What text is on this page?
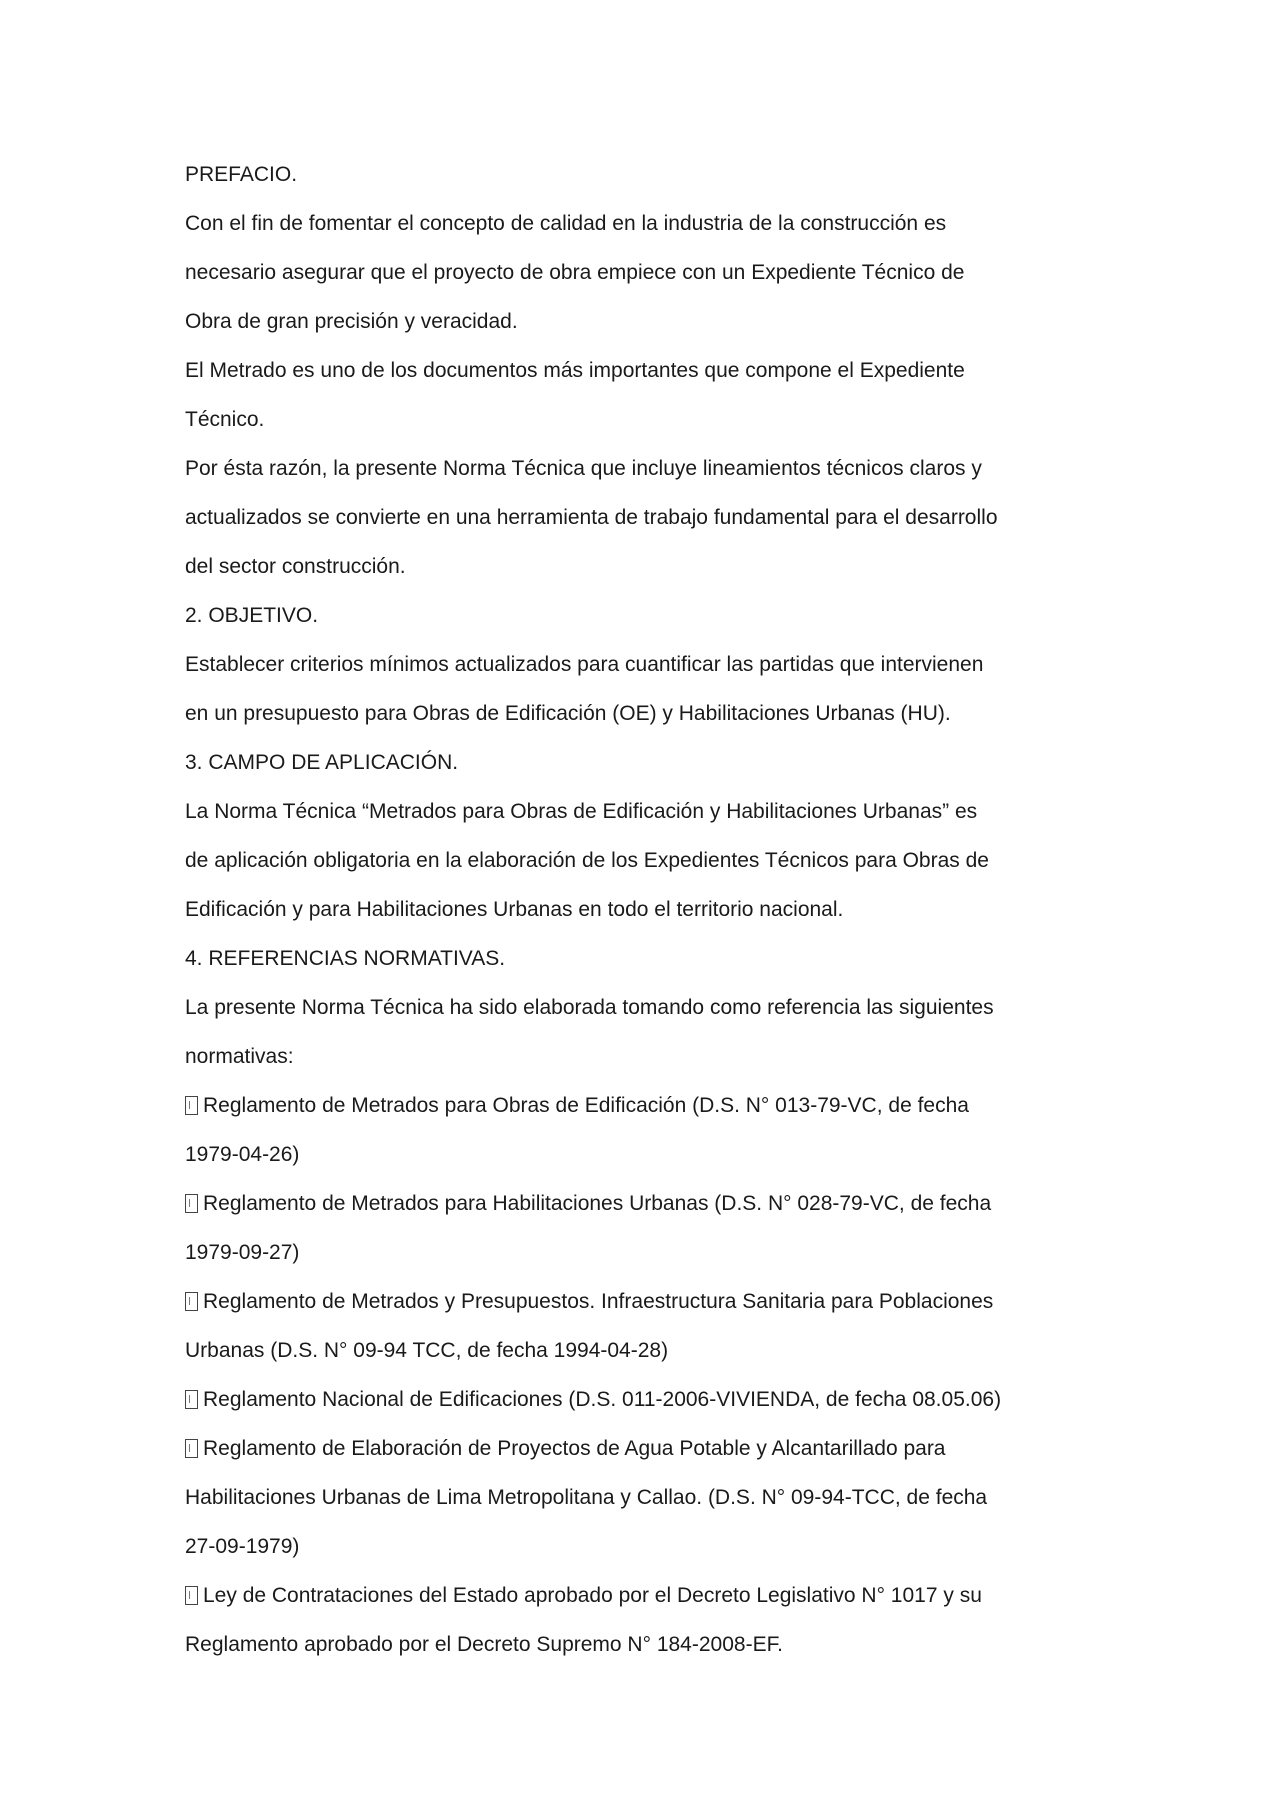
PREFACIO.
Con el fin de fomentar el concepto de calidad en la industria de la construcción es
necesario asegurar que el proyecto de obra empiece con un Expediente Técnico de
Obra de gran precisión y veracidad.
El Metrado es uno de los documentos más importantes que compone el Expediente
Técnico.
Por ésta razón, la presente Norma Técnica que incluye lineamientos técnicos claros y
actualizados se convierte en una herramienta de trabajo fundamental para el desarrollo
del sector construcción.
2. OBJETIVO.
Establecer criterios mínimos actualizados para cuantificar las partidas que intervienen
en un presupuesto para Obras de Edificación (OE) y Habilitaciones Urbanas (HU).
3. CAMPO DE APLICACIÓN.
La Norma Técnica “Metrados para Obras de Edificación y Habilitaciones Urbanas” es
de aplicación obligatoria en la elaboración de los Expedientes Técnicos para Obras de
Edificación y para Habilitaciones Urbanas en todo el territorio nacional.
4. REFERENCIAS NORMATIVAS.
La presente Norma Técnica ha sido elaborada tomando como referencia las siguientes
normativas:
Reglamento de Metrados para Obras de Edificación (D.S. N° 013-79-VC, de fecha
1979-04-26)
Reglamento de Metrados para Habilitaciones Urbanas (D.S. N° 028-79-VC, de fecha
1979-09-27)
Reglamento de Metrados y Presupuestos. Infraestructura Sanitaria para Poblaciones
Urbanas (D.S. N° 09-94 TCC, de fecha 1994-04-28)
Reglamento Nacional de Edificaciones (D.S. 011-2006-VIVIENDA, de fecha 08.05.06)
Reglamento de Elaboración de Proyectos de Agua Potable y Alcantarillado para
Habilitaciones Urbanas de Lima Metropolitana y Callao. (D.S. N° 09-94-TCC, de fecha
27-09-1979)
Ley de Contrataciones del Estado aprobado por el Decreto Legislativo N° 1017 y su
Reglamento aprobado por el Decreto Supremo N° 184-2008-EF.
